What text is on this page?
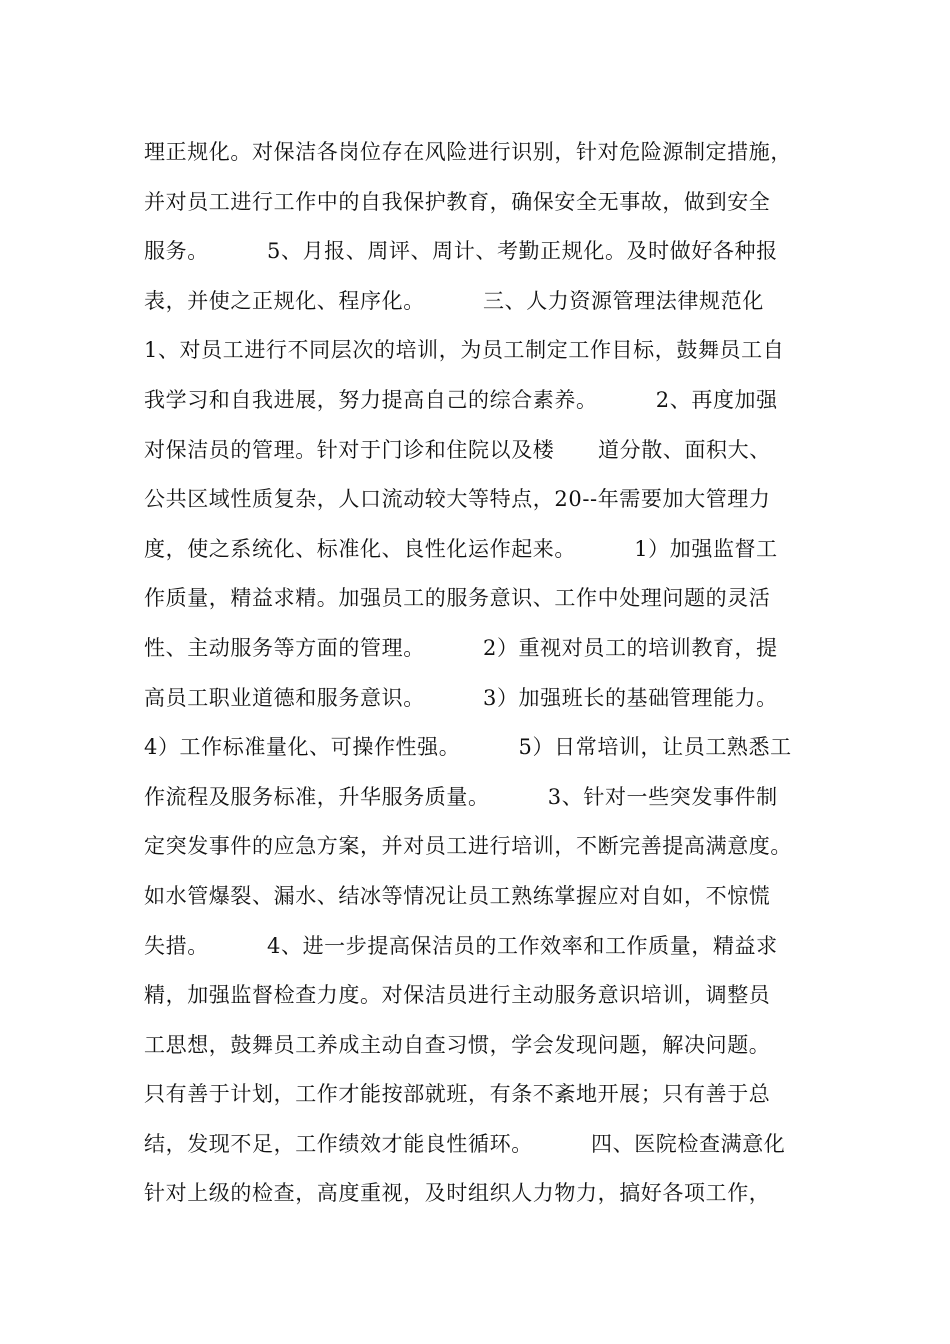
理正规化。对保洁各岗位存在风险进行识别，针对危险源制定措施，
并对员工进行工作中的自我保护教育，确保安全无事故，做到安全
服务。        5、月报、周评、周计、考勤正规化。及时做好各种报
表，并使之正规化、程序化。        三、人力资源管理法律规范化
1、对员工进行不同层次的培训，为员工制定工作目标，鼓舞员工自
我学习和自我进展，努力提高自己的综合素养。        2、再度加强
对保洁员的管理。针对于门诊和住院以及楼      道分散、面积大、
公共区域性质复杂，人口流动较大等特点，20--年需要加大管理力
度，使之系统化、标准化、良性化运作起来。        1）加强监督工
作质量，精益求精。加强员工的服务意识、工作中处理问题的灵活
性、主动服务等方面的管理。        2）重视对员工的培训教育，提
高员工职业道德和服务意识。        3）加强班长的基础管理能力。
4）工作标准量化、可操作性强。        5）日常培训，让员工熟悉工
作流程及服务标准，升华服务质量。        3、针对一些突发事件制
定突发事件的应急方案，并对员工进行培训，不断完善提高满意度。
如水管爆裂、漏水、结冰等情况让员工熟练掌握应对自如，不惊慌
失措。        4、进一步提高保洁员的工作效率和工作质量，精益求
精，加强监督检查力度。对保洁员进行主动服务意识培训，调整员
工思想，鼓舞员工养成主动自查习惯，学会发现问题，解决问题。
只有善于计划，工作才能按部就班，有条不紊地开展；只有善于总
结，发现不足，工作绩效才能良性循环。        四、医院检查满意化
针对上级的检查，高度重视，及时组织人力物力，搞好各项工作，
